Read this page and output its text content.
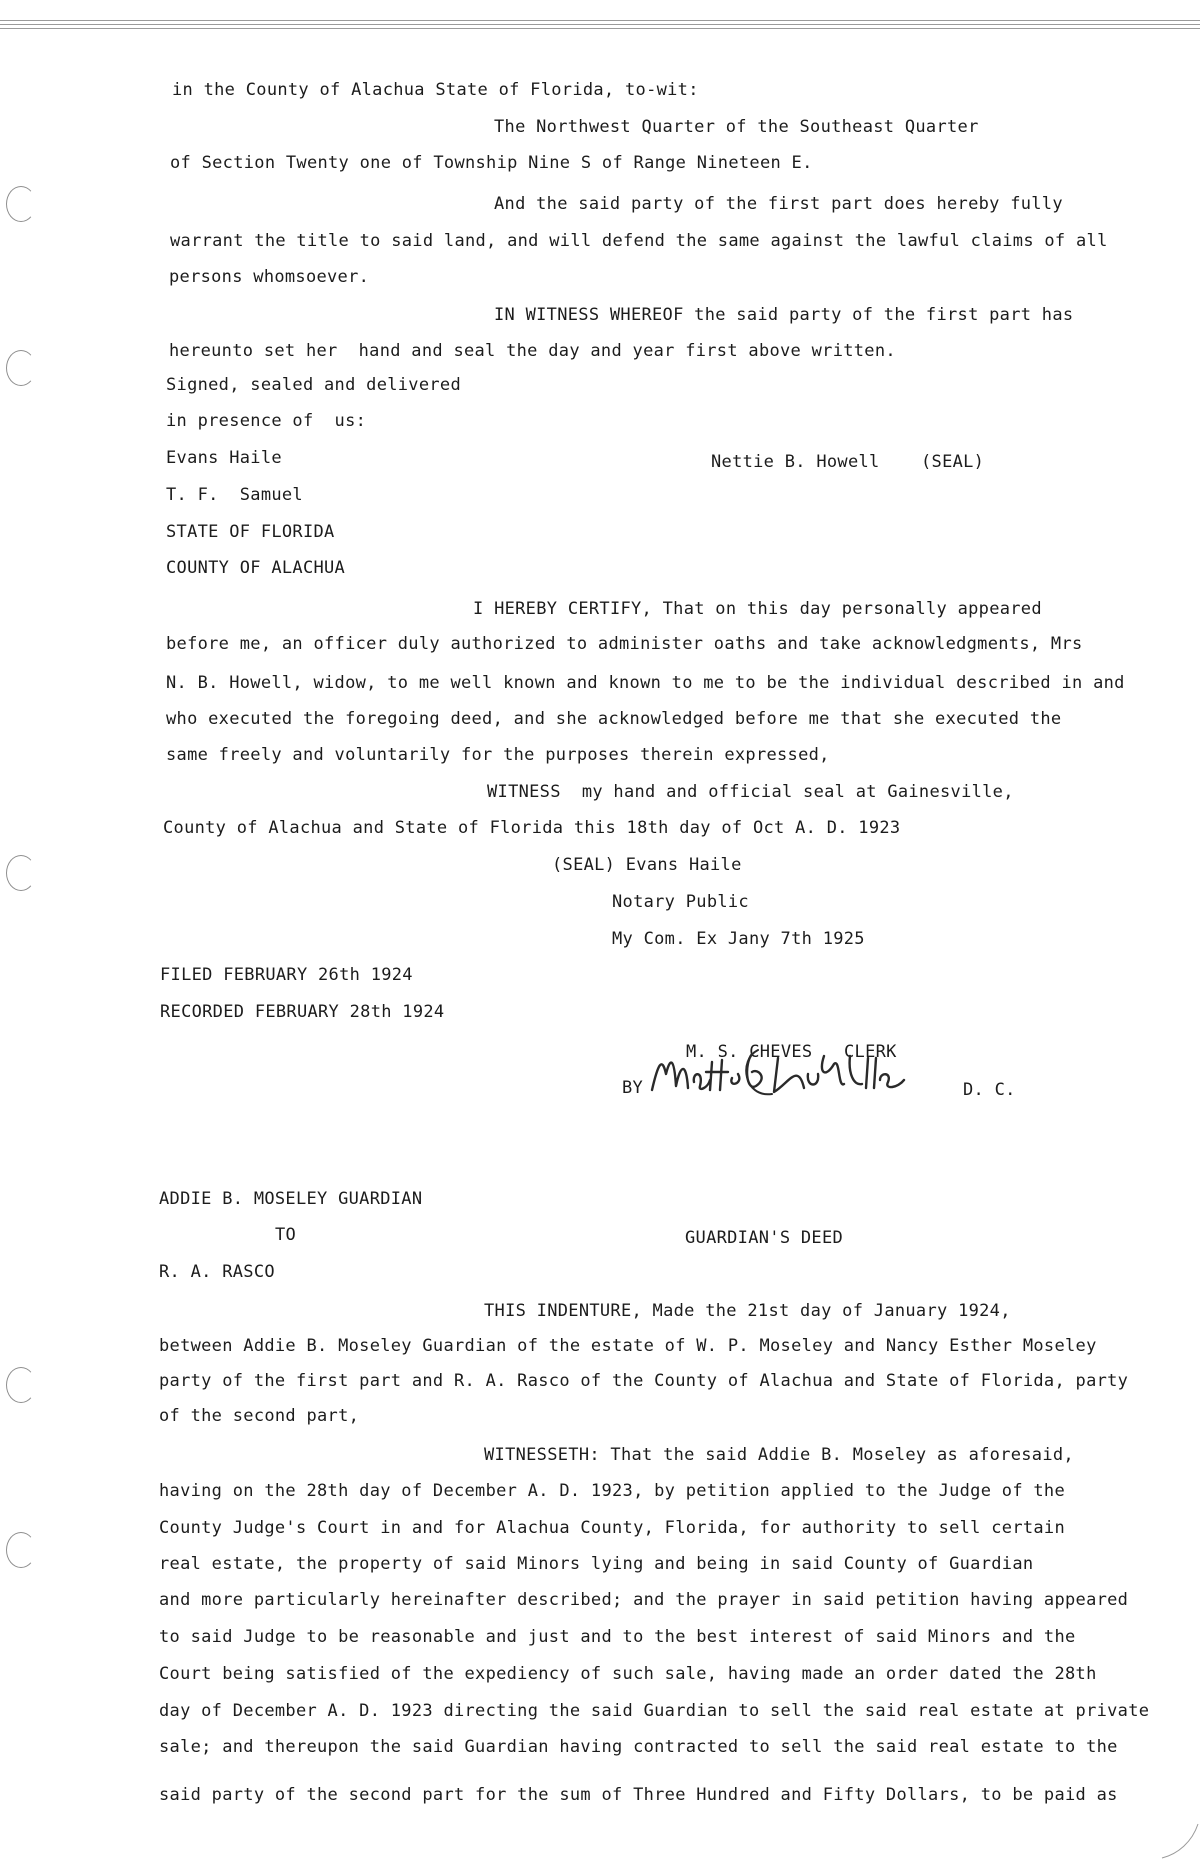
in the County of Alachua State of Florida, to-wit:
The Northwest Quarter of the Southeast Quarter
of Section Twenty one of Township Nine S of Range Nineteen E.
And the said party of the first part does hereby fully
warrant the title to said land, and will defend the same against the lawful claims of all
persons whomsoever.
IN WITNESS WHEREOF the said party of the first part has
hereunto set her  hand and seal the day and year first above written.
Signed, sealed and delivered
in presence of  us:
Evans Haile	Nettie B. Howell (SEAL)
T. F.  Samuel
STATE OF FLORIDA
COUNTY OF ALACHUA
I HEREBY CERTIFY, That on this day personally appeared
before me, an officer duly authorized to administer oaths and take acknowledgments, Mrs
N. B. Howell, widow, to me well known and known to me to be the individual described in and
who executed the foregoing deed, and she acknowledged before me that she executed the
same freely and voluntarily for the purposes therein expressed,
WITNESS  my hand and official seal at Gainesville,
County of Alachua and State of Florida this 18th day of Oct A. D. 1923
(SEAL) Evans Haile
Notary Public
My Com. Ex Jany 7th 1925
FILED FEBRUARY 26th 1924
RECORDED FEBRUARY 28th 1924
M. S. CHEVES   CLERK
BY	D. C.
ADDIE B. MOSELEY GUARDIAN
TO	GUARDIAN'S DEED
R. A. RASCO
THIS INDENTURE, Made the 21st day of January 1924,
between Addie B. Moseley Guardian of the estate of W. P. Moseley and Nancy Esther Moseley
party of the first part and R. A. Rasco of the County of Alachua and State of Florida, party
of the second part,
WITNESSETH: That the said Addie B. Moseley as aforesaid,
having on the 28th day of December A. D. 1923, by petition applied to the Judge of the
County Judge's Court in and for Alachua County, Florida, for authority to sell certain
real estate, the property of said Minors lying and being in said County of Guardian
and more particularly hereinafter described; and the prayer in said petition having appeared
to said Judge to be reasonable and just and to the best interest of said Minors and the
Court being satisfied of the expediency of such sale, having made an order dated the 28th
day of December A. D. 1923 directing the said Guardian to sell the said real estate at private
sale; and thereupon the said Guardian having contracted to sell the said real estate to the
said party of the second part for the sum of Three Hundred and Fifty Dollars, to be paid as
